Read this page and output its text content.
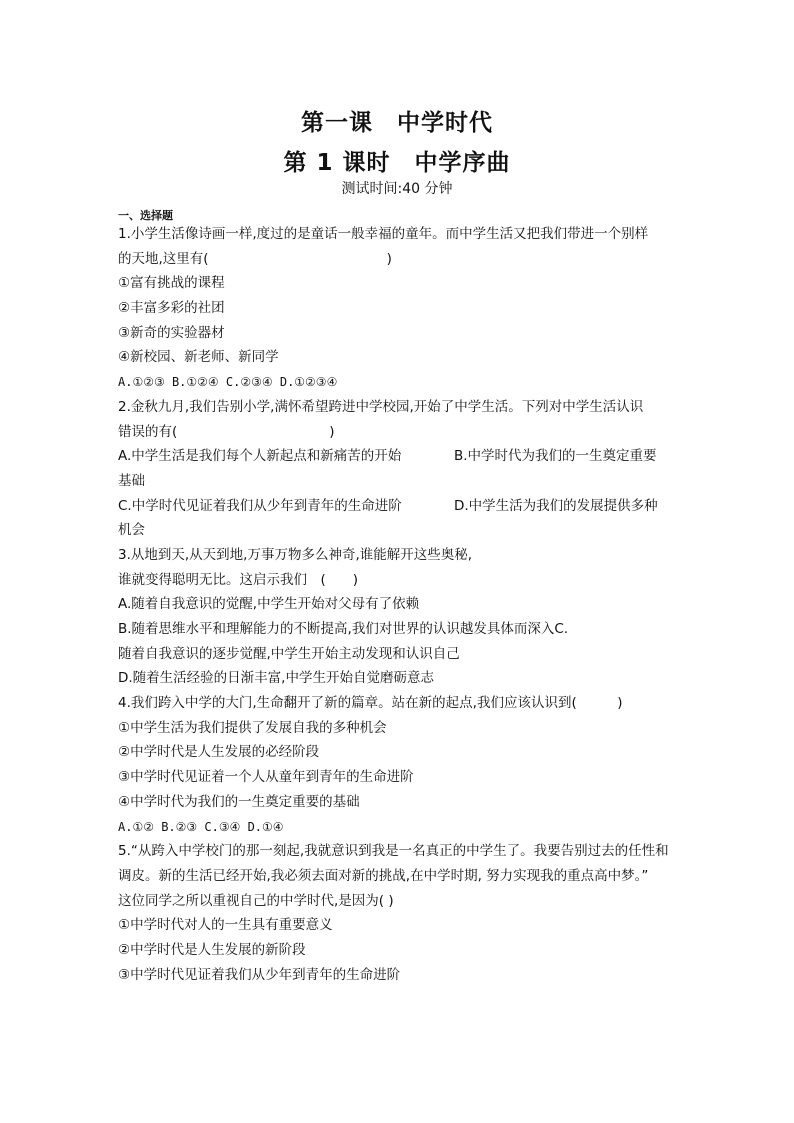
第一课　中学时代
第 1 课时　中学序曲
测试时间:40 分钟
一、选择题
1.小学生活像诗画一样,度过的是童话一般幸福的童年。而中学生活又把我们带进一个别样
的天地,这里有(	)
①富有挑战的课程
②丰富多彩的社团
③新奇的实验器材
④新校园、新老师、新同学
A.①②③ B.①②④ C.②③④ D.①②③④
2.金秋九月,我们告别小学,满怀希望跨进中学校园,开始了中学生活。下列对中学生活认识
错误的有(	)
A.中学生活是我们每个人新起点和新痛苦的开始	B.中学时代为我们的一生奠定重要
基础
C.中学时代见证着我们从少年到青年的生命进阶	D.中学生活为我们的发展提供多种
机会
3.从地到天,从天到地,万事万物多么神奇,谁能解开这些奥秘,
谁就变得聪明无比。这启示我们　(　　)
A.随着自我意识的觉醒,中学生开始对父母有了依赖
B.随着思维水平和理解能力的不断提高,我们对世界的认识越发具体而深入C.
随着自我意识的逐步觉醒,中学生开始主动发现和认识自己
D.随着生活经验的日渐丰富,中学生开始自觉磨砺意志
4.我们跨入中学的大门,生命翻开了新的篇章。站在新的起点,我们应该认识到(　　　)
①中学生活为我们提供了发展自我的多种机会
②中学时代是人生发展的必经阶段
③中学时代见证着一个人从童年到青年的生命进阶
④中学时代为我们的一生奠定重要的基础
A.①② B.②③ C.③④ D.①④
5.“从跨入中学校门的那一刻起,我就意识到我是一名真正的中学生了。我要告别过去的任性和
调皮。新的生活已经开始,我必须去面对新的挑战,在中学时期, 努力实现我的重点高中梦。”
这位同学之所以重视自己的中学时代,是因为( )
①中学时代对人的一生具有重要意义
②中学时代是人生发展的新阶段
③中学时代见证着我们从少年到青年的生命进阶
